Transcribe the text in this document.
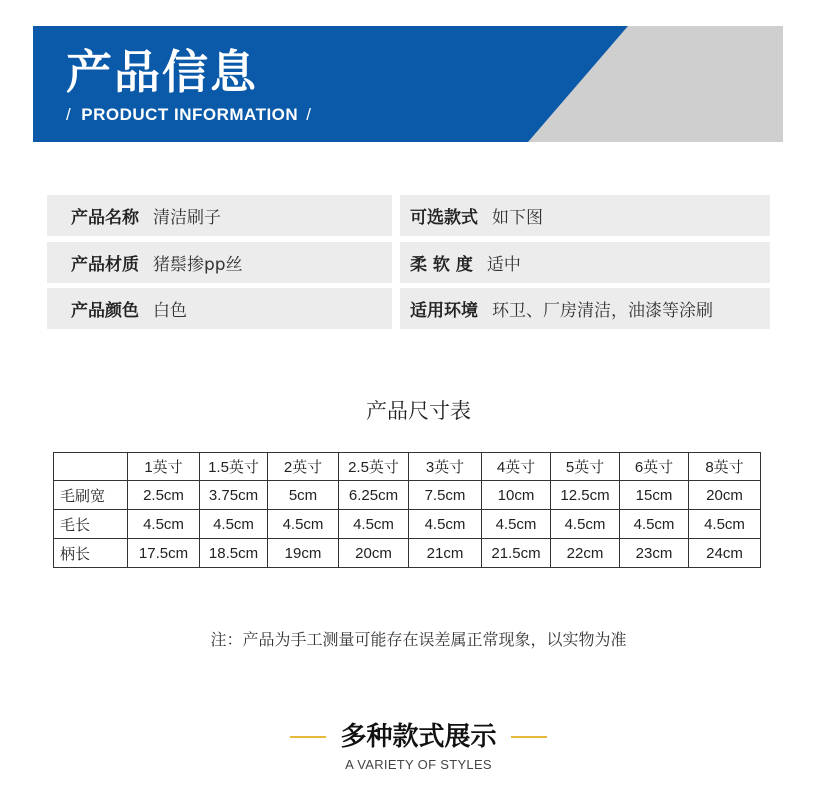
产品信息
/ PRODUCT INFORMATION /
产品名称 清洁刷子	可选款式 如下图
产品材质 猪鬃掺pp丝	柔 软 度 适中
产品颜色 白色	适用环境 环卫、厂房清洁，油漆等涂刷
产品尺寸表
	1英寸	1.5英寸	2英寸	2.5英寸	3英寸	4英寸	5英寸	6英寸	8英寸
毛刷宽	2.5cm	3.75cm	5cm	6.25cm	7.5cm	10cm	12.5cm	15cm	20cm
毛长	4.5cm	4.5cm	4.5cm	4.5cm	4.5cm	4.5cm	4.5cm	4.5cm	4.5cm
柄长	17.5cm	18.5cm	19cm	20cm	21cm	21.5cm	22cm	23cm	24cm
注：产品为手工测量可能存在误差属正常现象，以实物为准
多种款式展示
A VARIETY OF STYLES
